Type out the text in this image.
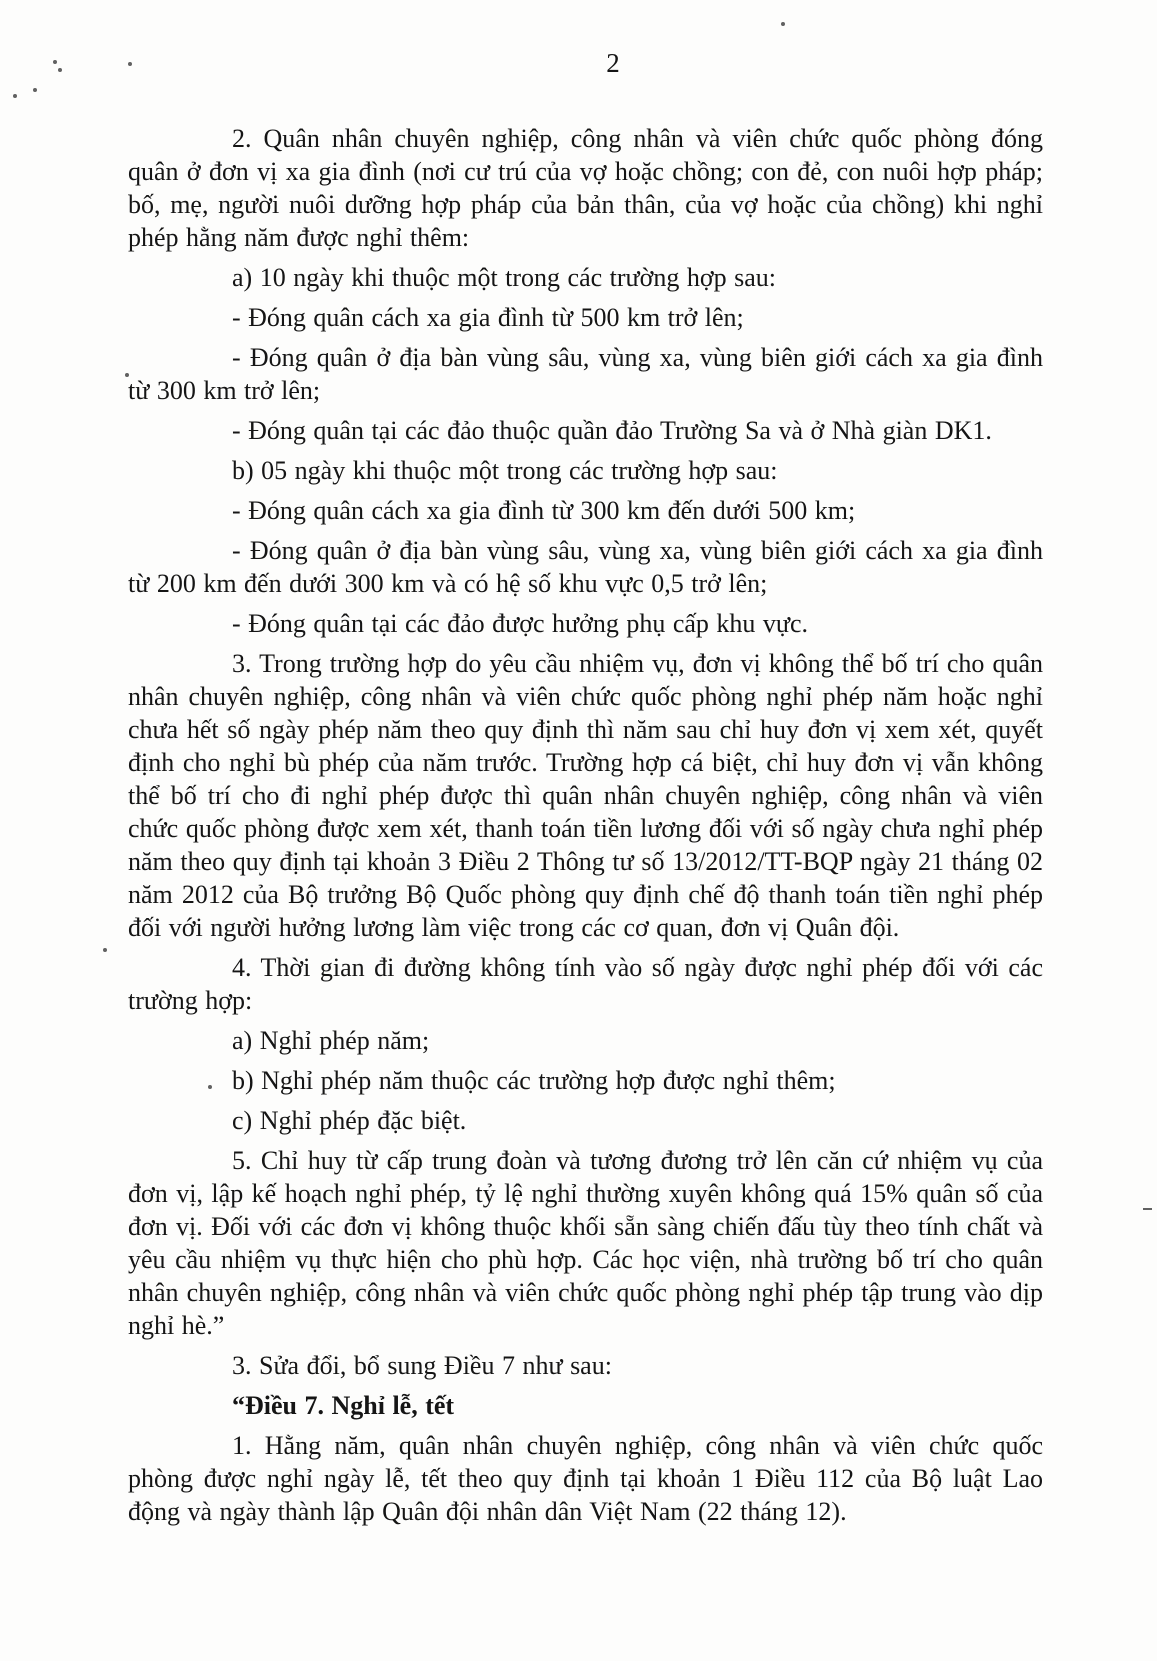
2

2. Quân nhân chuyên nghiệp, công nhân và viên chức quốc phòng đóng quân ở đơn vị xa gia đình (nơi cư trú của vợ hoặc chồng; con đẻ, con nuôi hợp pháp; bố, mẹ, người nuôi dưỡng hợp pháp của bản thân, của vợ hoặc của chồng) khi nghỉ phép hằng năm được nghỉ thêm:

a) 10 ngày khi thuộc một trong các trường hợp sau:

- Đóng quân cách xa gia đình từ 500 km trở lên;

- Đóng quân ở địa bàn vùng sâu, vùng xa, vùng biên giới cách xa gia đình từ 300 km trở lên;

- Đóng quân tại các đảo thuộc quần đảo Trường Sa và ở Nhà giàn DK1.

b) 05 ngày khi thuộc một trong các trường hợp sau:

- Đóng quân cách xa gia đình từ 300 km đến dưới 500 km;

- Đóng quân ở địa bàn vùng sâu, vùng xa, vùng biên giới cách xa gia đình từ 200 km đến dưới 300 km và có hệ số khu vực 0,5 trở lên;

- Đóng quân tại các đảo được hưởng phụ cấp khu vực.

3. Trong trường hợp do yêu cầu nhiệm vụ, đơn vị không thể bố trí cho quân nhân chuyên nghiệp, công nhân và viên chức quốc phòng nghỉ phép năm hoặc nghỉ chưa hết số ngày phép năm theo quy định thì năm sau chỉ huy đơn vị xem xét, quyết định cho nghỉ bù phép của năm trước. Trường hợp cá biệt, chỉ huy đơn vị vẫn không thể bố trí cho đi nghỉ phép được thì quân nhân chuyên nghiệp, công nhân và viên chức quốc phòng được xem xét, thanh toán tiền lương đối với số ngày chưa nghỉ phép năm theo quy định tại khoản 3 Điều 2 Thông tư số 13/2012/TT-BQP ngày 21 tháng 02 năm 2012 của Bộ trưởng Bộ Quốc phòng quy định chế độ thanh toán tiền nghỉ phép đối với người hưởng lương làm việc trong các cơ quan, đơn vị Quân đội.

4. Thời gian đi đường không tính vào số ngày được nghỉ phép đối với các trường hợp:

a) Nghỉ phép năm;

b) Nghỉ phép năm thuộc các trường hợp được nghỉ thêm;

c) Nghỉ phép đặc biệt.

5. Chỉ huy từ cấp trung đoàn và tương đương trở lên căn cứ nhiệm vụ của đơn vị, lập kế hoạch nghỉ phép, tỷ lệ nghỉ thường xuyên không quá 15% quân số của đơn vị. Đối với các đơn vị không thuộc khối sẵn sàng chiến đấu tùy theo tính chất và yêu cầu nhiệm vụ thực hiện cho phù hợp. Các học viện, nhà trường bố trí cho quân nhân chuyên nghiệp, công nhân và viên chức quốc phòng nghỉ phép tập trung vào dịp nghỉ hè.”

3. Sửa đổi, bổ sung Điều 7 như sau:

“Điều 7. Nghỉ lễ, tết

1. Hằng năm, quân nhân chuyên nghiệp, công nhân và viên chức quốc phòng được nghỉ ngày lễ, tết theo quy định tại khoản 1 Điều 112 của Bộ luật Lao động và ngày thành lập Quân đội nhân dân Việt Nam (22 tháng 12).
